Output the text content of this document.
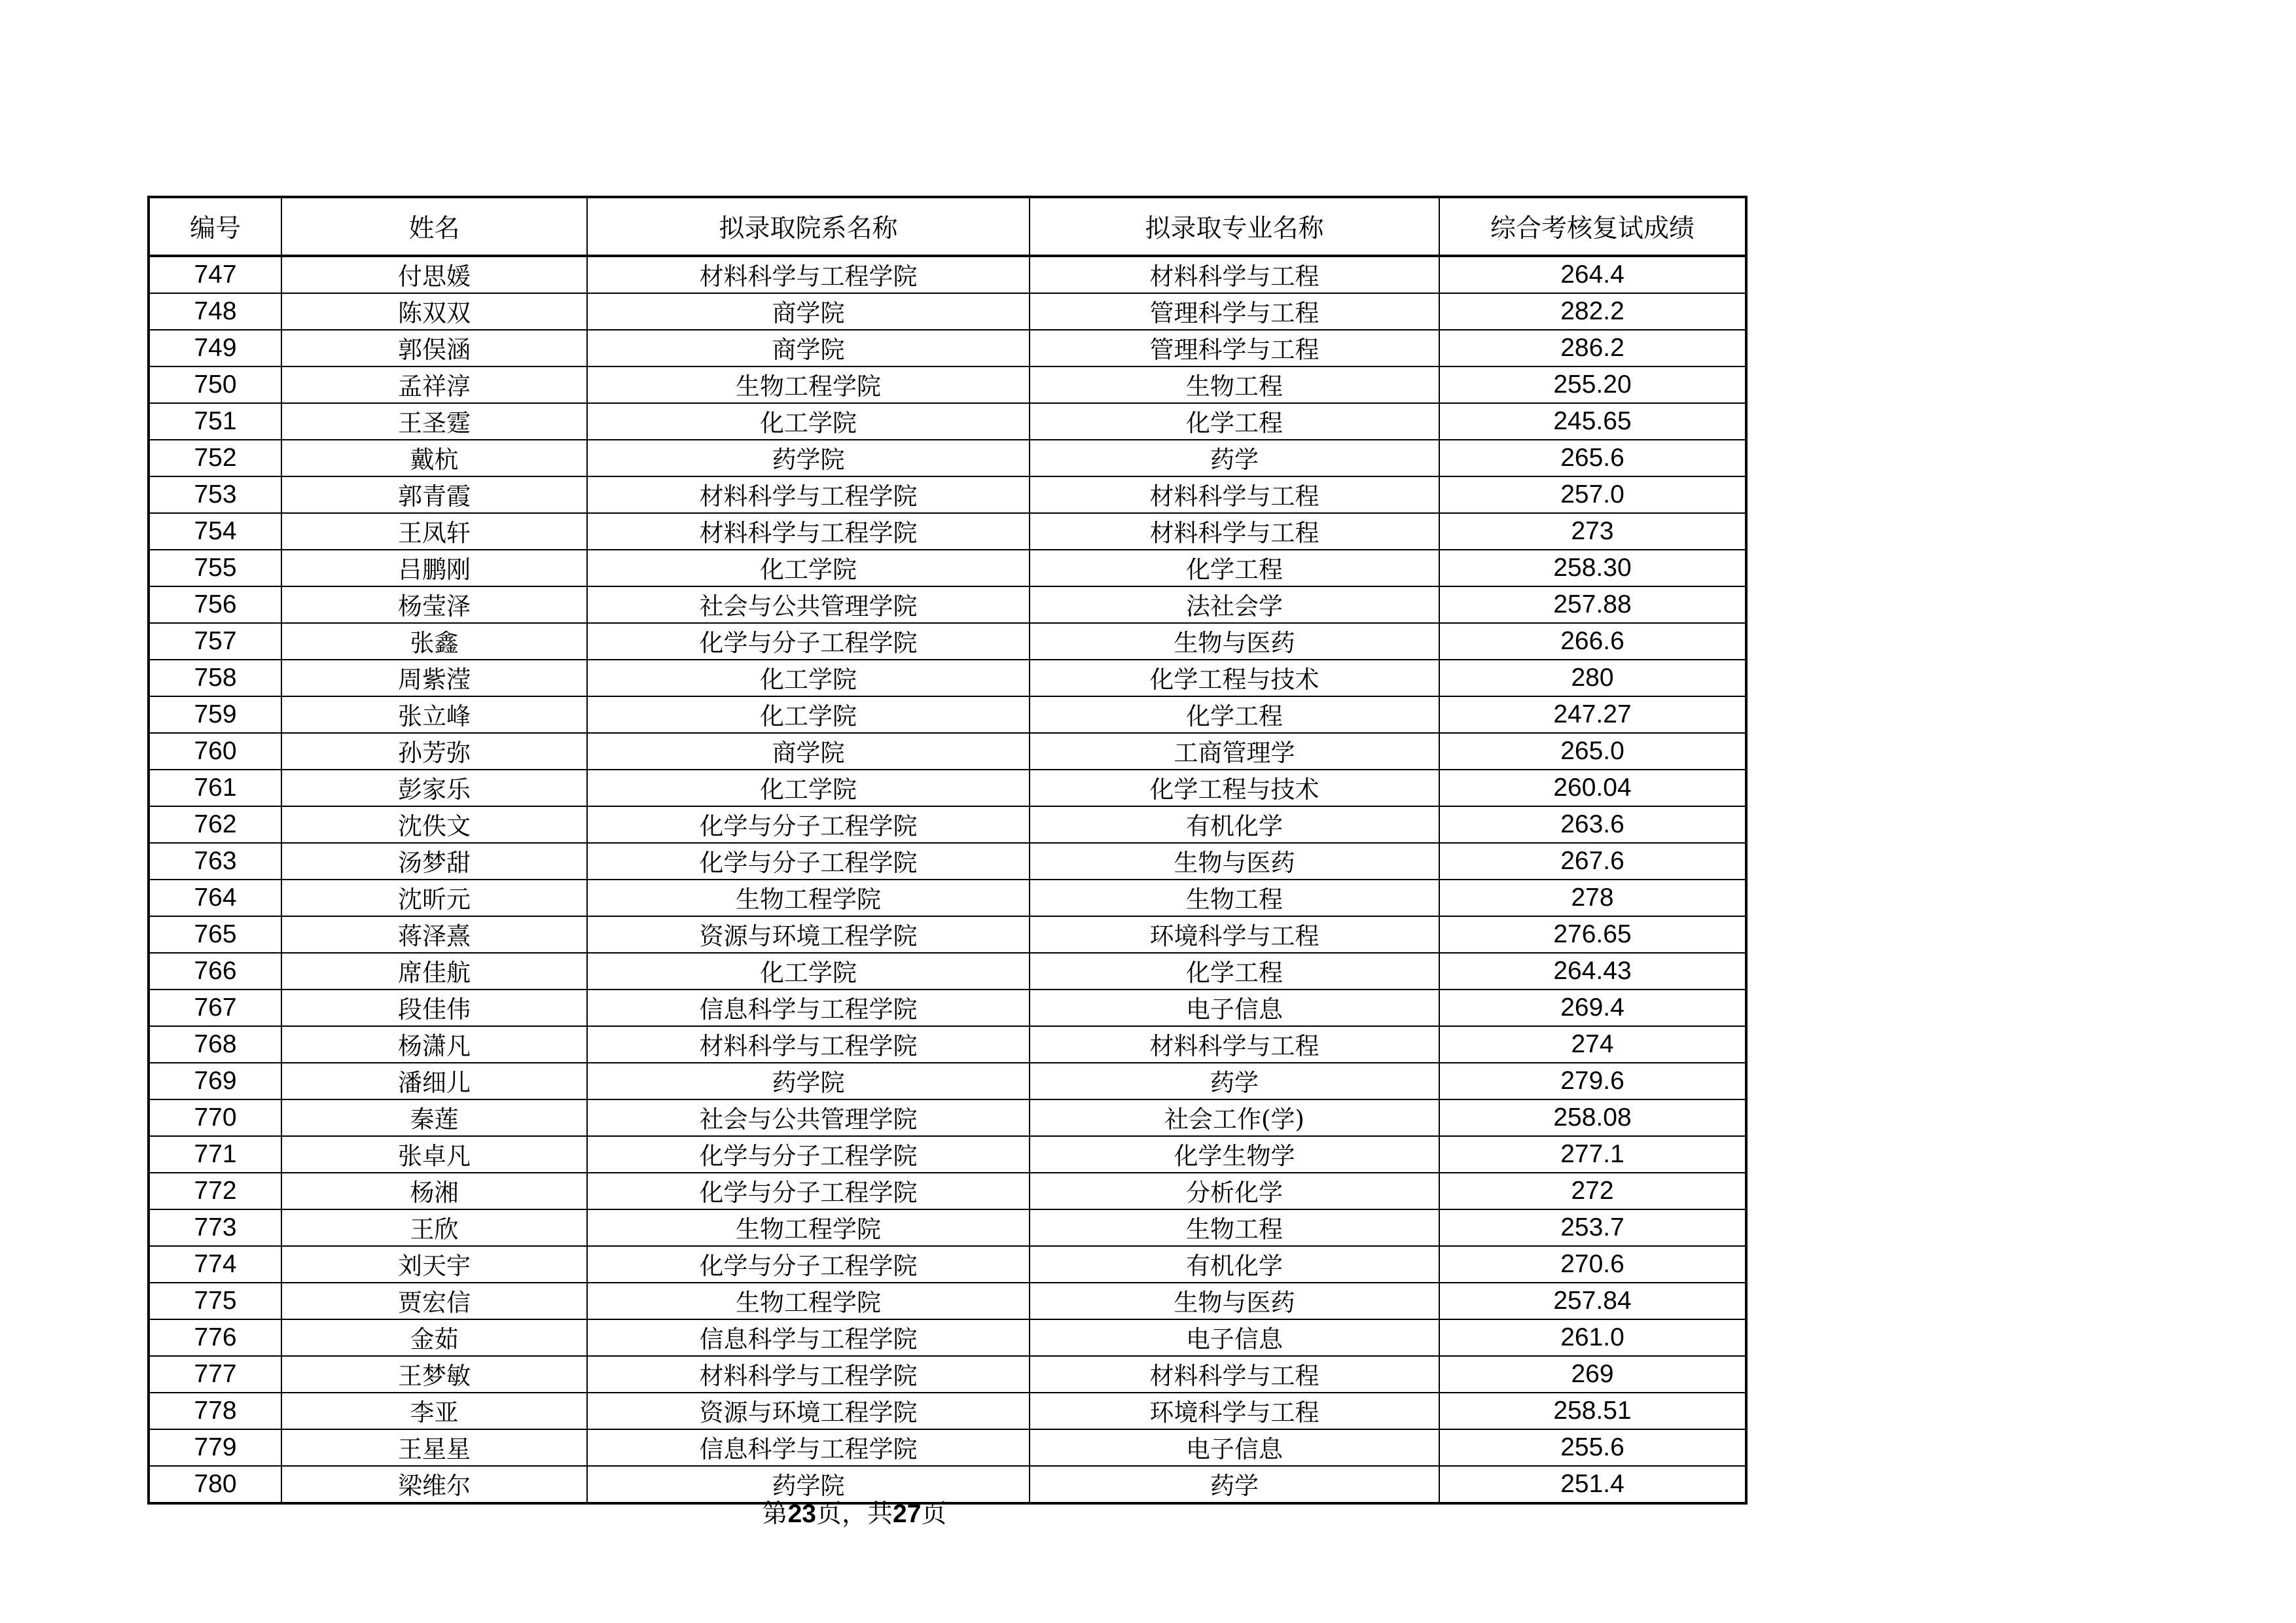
编号	姓名	拟录取院系名称	拟录取专业名称	综合考核复试成绩
747	付思媛	材料科学与工程学院	材料科学与工程	264.4
748	陈双双	商学院	管理科学与工程	282.2
749	郭俣涵	商学院	管理科学与工程	286.2
750	孟祥淳	生物工程学院	生物工程	255.20
751	王圣霆	化工学院	化学工程	245.65
752	戴杭	药学院	药学	265.6
753	郭青霞	材料科学与工程学院	材料科学与工程	257.0
754	王凤轩	材料科学与工程学院	材料科学与工程	273
755	吕鹏刚	化工学院	化学工程	258.30
756	杨莹泽	社会与公共管理学院	法社会学	257.88
757	张鑫	化学与分子工程学院	生物与医药	266.6
758	周紫滢	化工学院	化学工程与技术	280
759	张立峰	化工学院	化学工程	247.27
760	孙芳弥	商学院	工商管理学	265.0
761	彭家乐	化工学院	化学工程与技术	260.04
762	沈佚文	化学与分子工程学院	有机化学	263.6
763	汤梦甜	化学与分子工程学院	生物与医药	267.6
764	沈昕元	生物工程学院	生物工程	278
765	蒋泽熹	资源与环境工程学院	环境科学与工程	276.65
766	席佳航	化工学院	化学工程	264.43
767	段佳伟	信息科学与工程学院	电子信息	269.4
768	杨潇凡	材料科学与工程学院	材料科学与工程	274
769	潘细儿	药学院	药学	279.6
770	秦莲	社会与公共管理学院	社会工作(学)	258.08
771	张卓凡	化学与分子工程学院	化学生物学	277.1
772	杨湘	化学与分子工程学院	分析化学	272
773	王欣	生物工程学院	生物工程	253.7
774	刘天宇	化学与分子工程学院	有机化学	270.6
775	贾宏信	生物工程学院	生物与医药	257.84
776	金茹	信息科学与工程学院	电子信息	261.0
777	王梦敏	材料科学与工程学院	材料科学与工程	269
778	李亚	资源与环境工程学院	环境科学与工程	258.51
779	王星星	信息科学与工程学院	电子信息	255.6
780	梁维尔	药学院	药学	251.4
第23页，共27页
